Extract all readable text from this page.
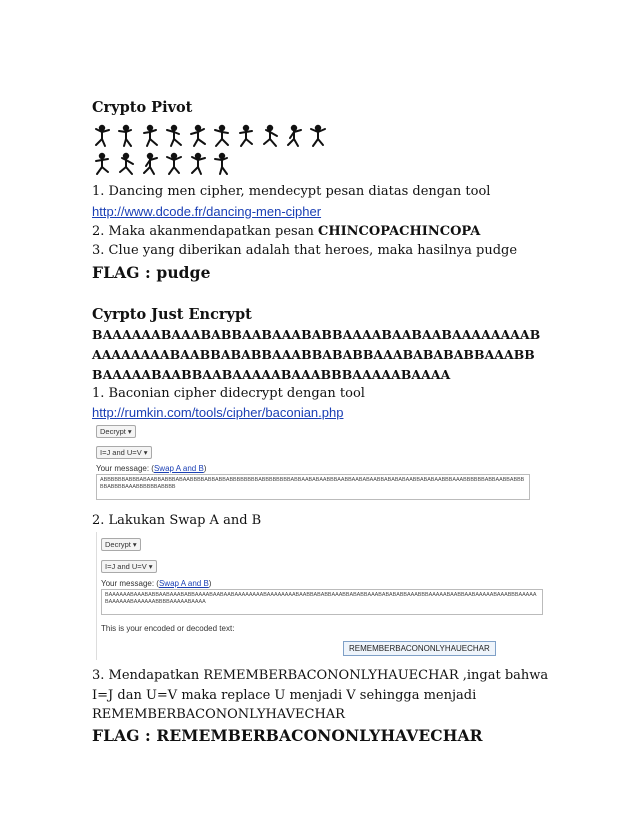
Crypto Pivot
1. Dancing men cipher, mendecypt pesan diatas dengan tool
http://www.dcode.fr/dancing-men-cipher
2. Maka akanmendapatkan pesan CHINCOPACHINCOPA
3. Clue yang diberikan adalah that heroes, maka hasilnya pudge
FLAG : pudge
Cyrpto Just Encrypt
BAAAAAABAAABABBAABAAABABBAAAABAABAABAAAAAAAAB
AAAAAAAABAABBABABBAAABBABABBAAABABABABBAAABB
BAAAAABAABBAABAAAAABAAABBBAAAAABAAAA
1. Baconian cipher didecrypt dengan tool
http://rumkin.com/tools/cipher/baconian.php
Decrypt ▾
I=J and U=V ▾
Your message: (Swap A and B)
ABBBBBBABBBABAABBABBBABAABBBBABBABBABBBBBBBBABBBBBBBBABBAABABAABBBAABBAABABAABBABABABAABBABABAABBBAAABBBBBBABBAABBABBBBBABBBBAAABBBBBBABBBB
2. Lakukan Swap A and B
Decrypt ▾
I=J and U=V ▾
Your message: (Swap A and B)
BAAAAAABAAABABBAABAAABABBAAAABAABAABAAAAAAAABAAAAAAAABAABBABABBAAABBABABBAAABABABABBAAABBBAAAAABAABBAABAAAAABAAABBBAAAAABAAAAAABAAAAAABBBBAAAAABAAAA
This is your encoded or decoded text:
REMEMBERBACONONLYHAUECHAR
3. Mendapatkan REMEMBERBACONONLYHAUECHAR ,ingat bahwa
I=J dan U=V maka replace U menjadi V sehingga menjadi
REMEMBERBACONONLYHAVECHAR
FLAG : REMEMBERBACONONLYHAVECHAR
